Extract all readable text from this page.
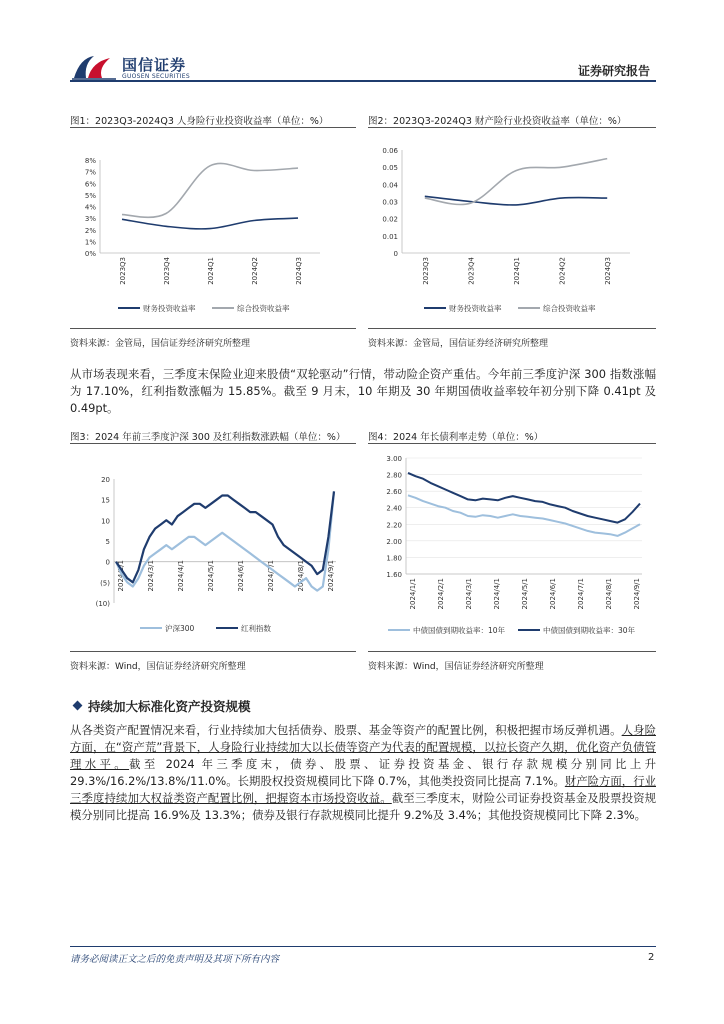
国信证券
GUOSEN SECURITIES	证券研究报告
图1：2023Q3-2024Q3 人身险行业投资收益率（单位：%）
8%
7%
6%
5%
4%
3%
2%
1%
0%
2023Q3	2023Q4	2024Q1	2024Q2	2024Q3
财务投资收益率	综合投资收益率
资料来源：金管局，国信证券经济研究所整理
图2：2023Q3-2024Q3 财产险行业投资收益率（单位：%）
0.06
0.05
0.04
0.03
0.02
0.01
0
2023Q3	2023Q4	2024Q1	2024Q2	2024Q3
财务投资收益率	综合投资收益率
资料来源：金管局，国信证券经济研究所整理
从市场表现来看，三季度末保险业迎来股债“双轮驱动”行情，带动险企资产重估。今年前三季度沪深 300 指数涨幅为 17.10%，红利指数涨幅为 15.85%。截至 9 月末，10 年期及 30 年期国债收益率较年初分别下降 0.41pt 及 0.49pt。
图3：2024 年前三季度沪深 300 及红利指数涨跌幅（单位：%）
20
15
10
5
0
(5)
(10)
2024/1/1	2024/3/1	2024/4/1	2024/5/1	2024/6/1	2024/7/1	2024/8/1	2024/9/1
沪深300	红利指数
资料来源：Wind，国信证券经济研究所整理
图4：2024 年长债利率走势（单位：%）
3.00
2.80
2.60
2.40
2.20
2.00
1.80
1.60
2024/1/1	2024/2/1	2024/3/1	2024/4/1	2024/5/1	2024/6/1	2024/7/1	2024/8/1	2024/9/1
中债国债到期收益率：10年	中债国债到期收益率：30年
资料来源：Wind，国信证券经济研究所整理
持续加大标准化资产投资规模
从各类资产配置情况来看，行业持续加大包括债券、股票、基金等资产的配置比例，积极把握市场反弹机遇。人身险方面，在“资产荒”背景下，人身险行业持续加大以长债等资产为代表的配置规模，以拉长资产久期，优化资产负债管理水平。截至 2024 年三季度末，债券、股票、证券投资基金、银行存款规模分别同比上升 29.3%/16.2%/13.8%/11.0%。长期股权投资规模同比下降 0.7%，其他类投资同比提高 7.1%。财产险方面，行业三季度持续加大权益类资产配置比例，把握资本市场投资收益。截至三季度末，财险公司证券投资基金及股票投资规模分别同比提高 16.9%及 13.3%；债券及银行存款规模同比提升 9.2%及 3.4%；其他投资规模同比下降 2.3%。
请务必阅读正文之后的免责声明及其项下所有内容	2
